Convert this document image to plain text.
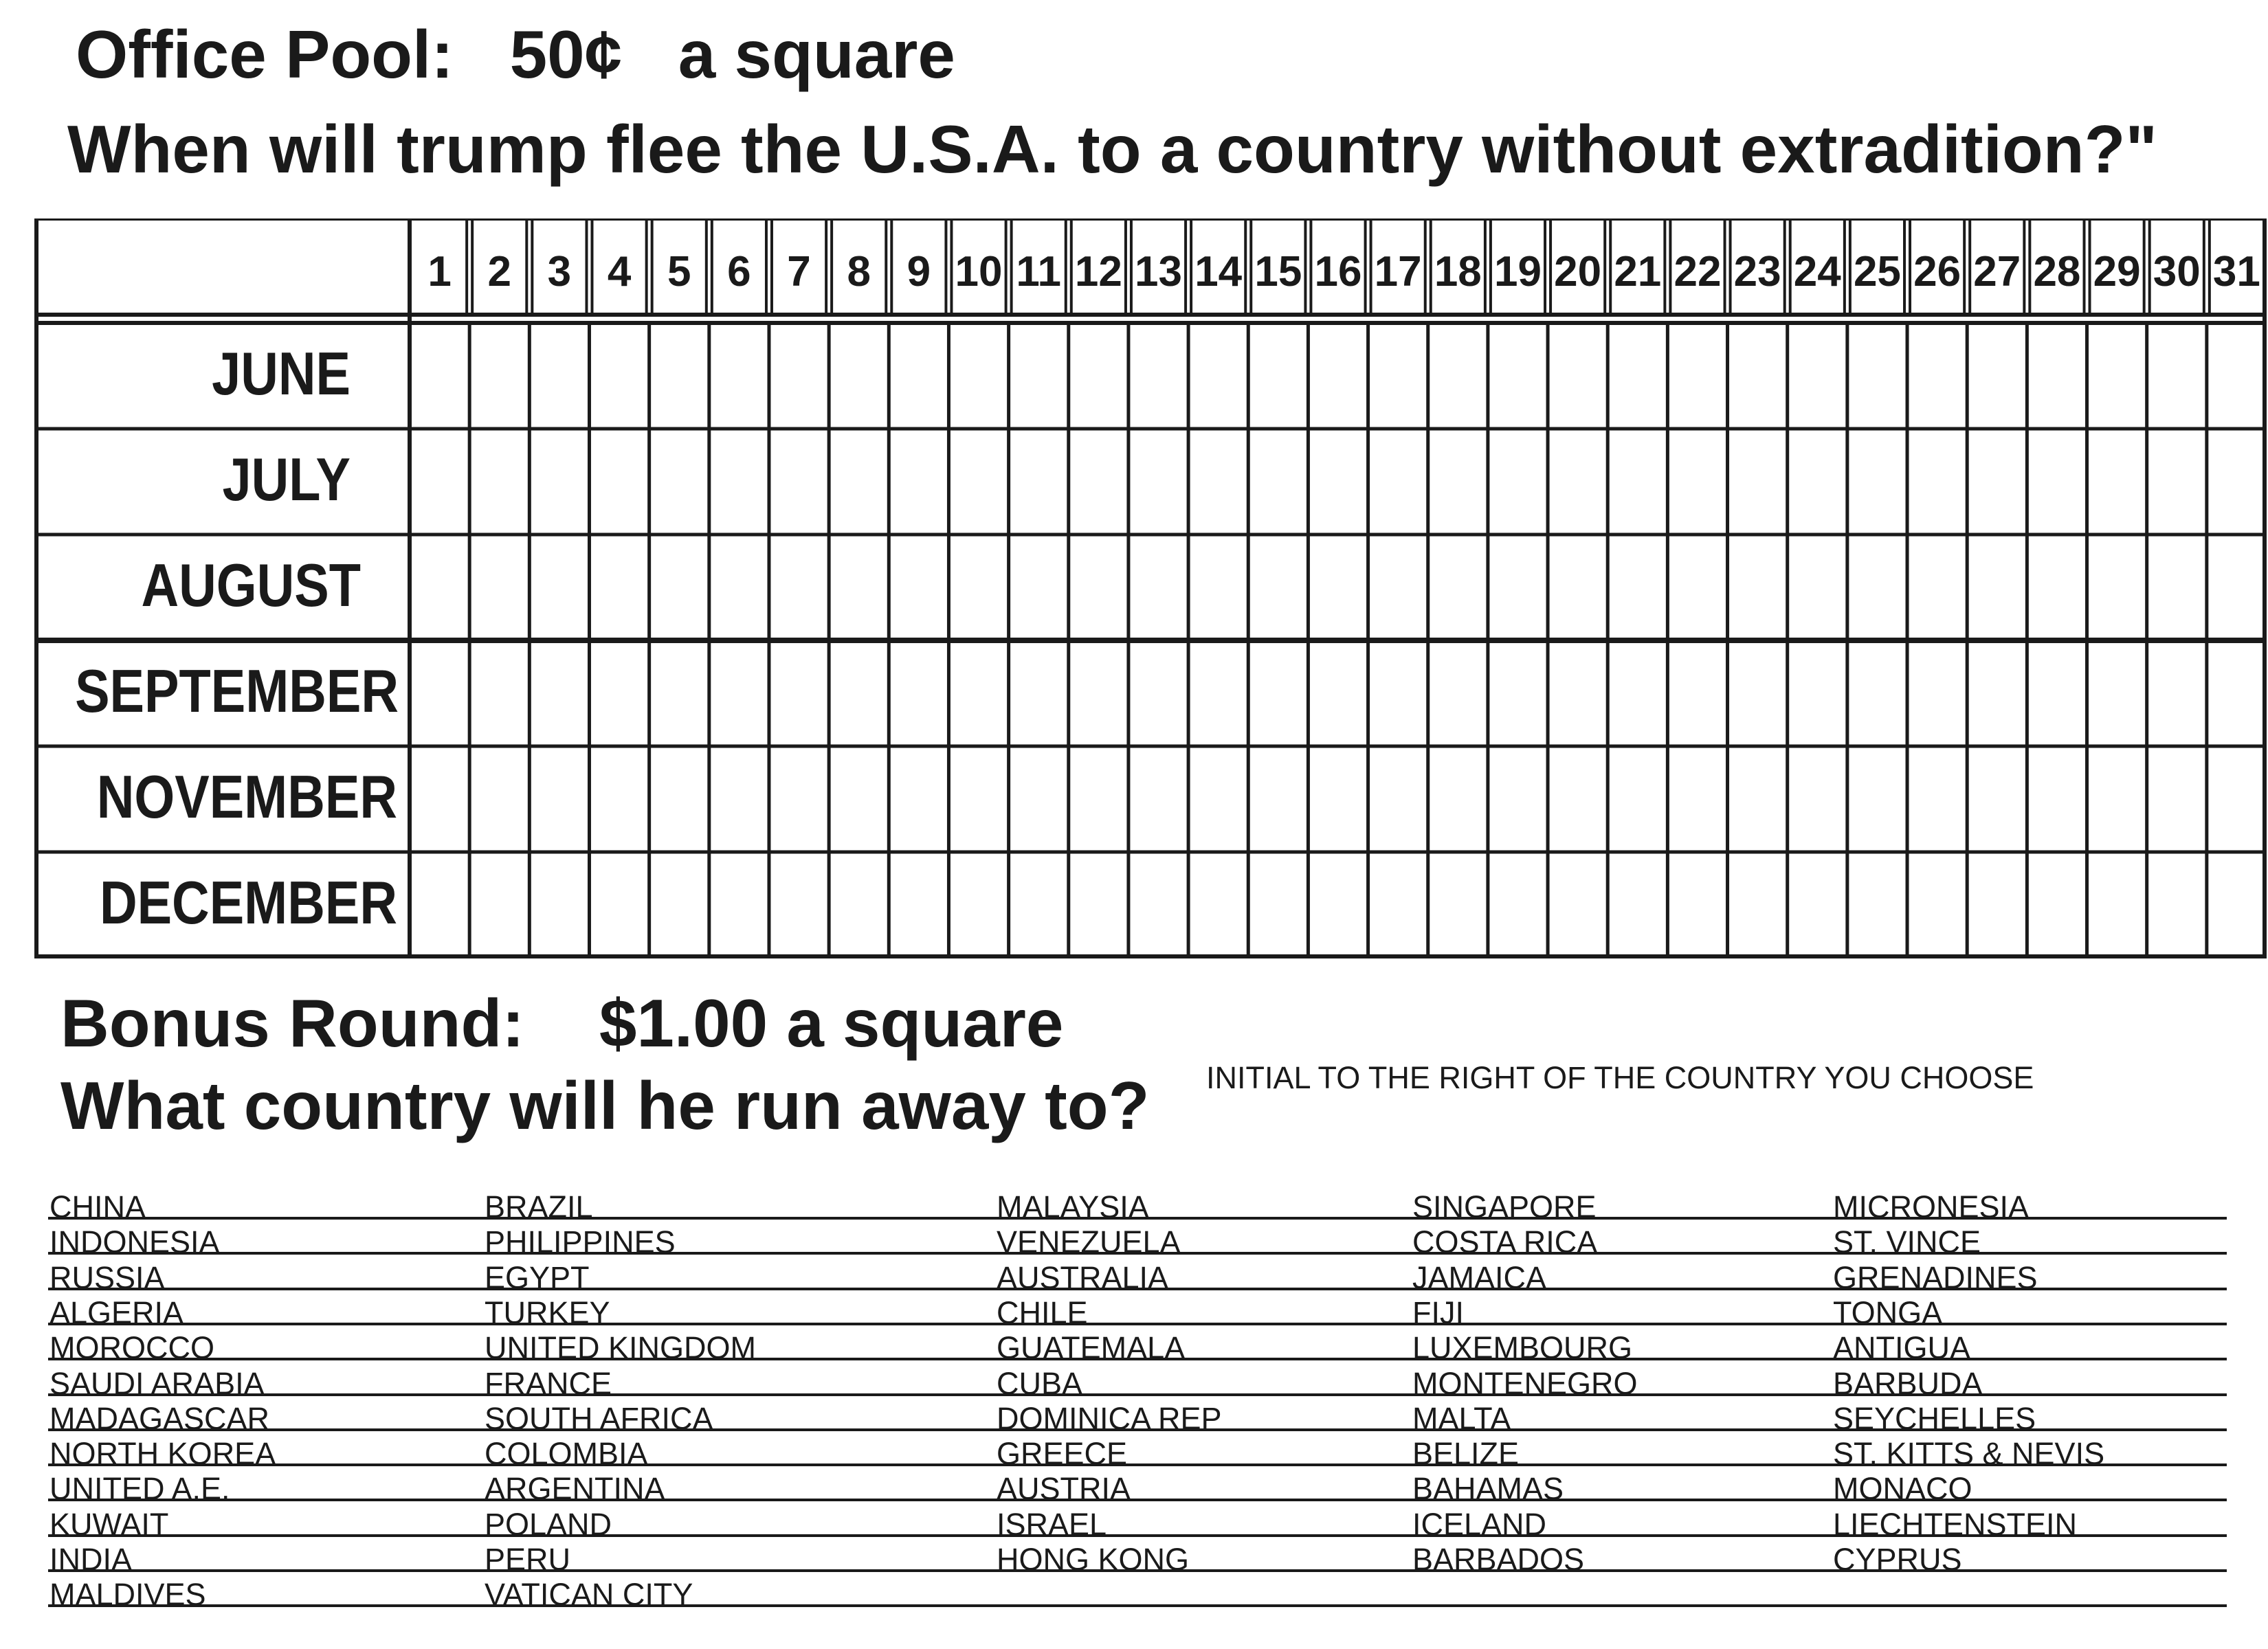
Office Pool:   50¢   a square
When will trump flee the U.S.A. to a country without extradition?"
1 2 3 4 5 6 7 8 9 10 11 12 13 14 15 16 17 18 19 20 21 22 23 24 25 26 27 28 29 30 31
JUNE
JULY
AUGUST
SEPTEMBER
NOVEMBER
DECEMBER
Bonus Round:    $1.00 a square
What country will he run away to? INITIAL TO THE RIGHT OF THE COUNTRY YOU CHOOSE
CHINA	BRAZIL	MALAYSIA	SINGAPORE	MICRONESIA
INDONESIA	PHILIPPINES	VENEZUELA	COSTA RICA	ST. VINCE
RUSSIA	EGYPT	AUSTRALIA	JAMAICA	GRENADINES
ALGERIA	TURKEY	CHILE	FIJI	TONGA
MOROCCO	UNITED KINGDOM	GUATEMALA	LUXEMBOURG	ANTIGUA
SAUDI ARABIA	FRANCE	CUBA	MONTENEGRO	BARBUDA
MADAGASCAR	SOUTH AFRICA	DOMINICA REP	MALTA	SEYCHELLES
NORTH KOREA	COLOMBIA	GREECE	BELIZE	ST. KITTS & NEVIS
UNITED A.E.	ARGENTINA	AUSTRIA	BAHAMAS	MONACO
KUWAIT	POLAND	ISRAEL	ICELAND	LIECHTENSTEIN
INDIA	PERU	HONG KONG	BARBADOS	CYPRUS
MALDIVES	VATICAN CITY
